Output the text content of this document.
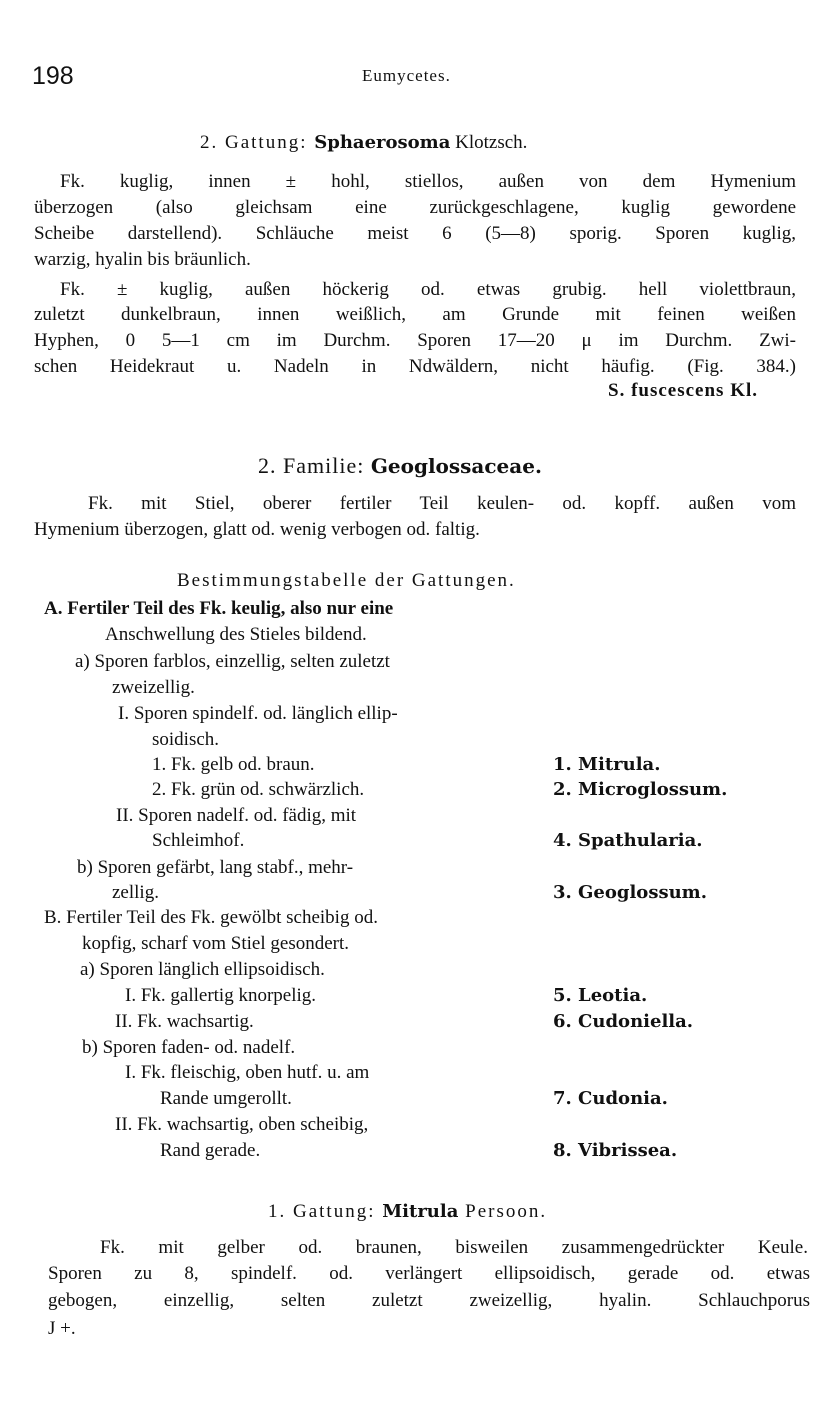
198	Eumycetes.
2. Gattung: Sphaerosoma Klotzsch.
Fk. kuglig, innen ± hohl, stiellos, außen von dem Hymenium
überzogen (also gleichsam eine zurückgeschlagene, kuglig gewordene
Scheibe darstellend). Schläuche meist 6 (5—8) sporig. Sporen kuglig,
warzig, hyalin bis bräunlich.
Fk. ± kuglig, außen höckerig od. etwas grubig. hell violettbraun,
zuletzt dunkelbraun, innen weißlich, am Grunde mit feinen weißen
Hyphen, 0 5—1 cm im Durchm. Sporen 17—20 μ im Durchm. Zwi-
schen Heidekraut u. Nadeln in Ndwäldern, nicht häufig. (Fig. 384.)
S. fuscescens Kl.
2. Familie: Geoglossaceae.
Fk. mit Stiel, oberer fertiler Teil keulen- od. kopff. außen vom
Hymenium überzogen, glatt od. wenig verbogen od. faltig.
Bestimmungstabelle der Gattungen.
A. Fertiler Teil des Fk. keulig, also nur eine
Anschwellung des Stieles bildend.
a) Sporen farblos, einzellig, selten zuletzt
zweizellig.
I. Sporen spindelf. od. länglich ellip-
soidisch.
1. Fk. gelb od. braun.
2. Fk. grün od. schwärzlich.
II. Sporen nadelf. od. fädig, mit
Schleimhof.
b) Sporen gefärbt, lang stabf., mehr-
zellig.
B. Fertiler Teil des Fk. gewölbt scheibig od.
kopfig, scharf vom Stiel gesondert.
a) Sporen länglich ellipsoidisch.
I. Fk. gallertig knorpelig.
II. Fk. wachsartig.
b) Sporen faden- od. nadelf.
I. Fk. fleischig, oben hutf. u. am
Rande umgerollt.
II. Fk. wachsartig, oben scheibig,
Rand gerade.
1. Mitrula.
2. Microglossum.
4. Spathularia.
3. Geoglossum.
5. Leotia.
6. Cudoniella.
7. Cudonia.
8. Vibrissea.
1. Gattung: Mitrula Persoon.
Fk. mit gelber od. braunen, bisweilen zusammengedrückter Keule.
Sporen zu 8, spindelf. od. verlängert ellipsoidisch, gerade od. etwas
gebogen, einzellig, selten zuletzt zweizellig, hyalin. Schlauchporus
J +.
